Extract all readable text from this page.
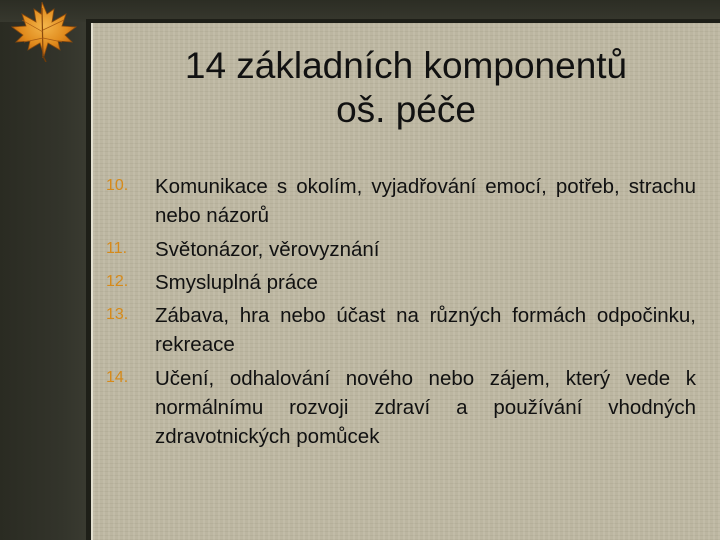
14 základních komponentů
oš. péče
10. Komunikace s okolím, vyjadřování emocí, potřeb, strachu nebo názorů
11. Světonázor, věrovyznání
12. Smysluplná práce
13. Zábava, hra nebo účast na různých formách odpočinku, rekreace
14. Učení, odhalování nového nebo zájem, který vede k normálnímu rozvoji zdraví a používání vhodných zdravotnických pomůcek
